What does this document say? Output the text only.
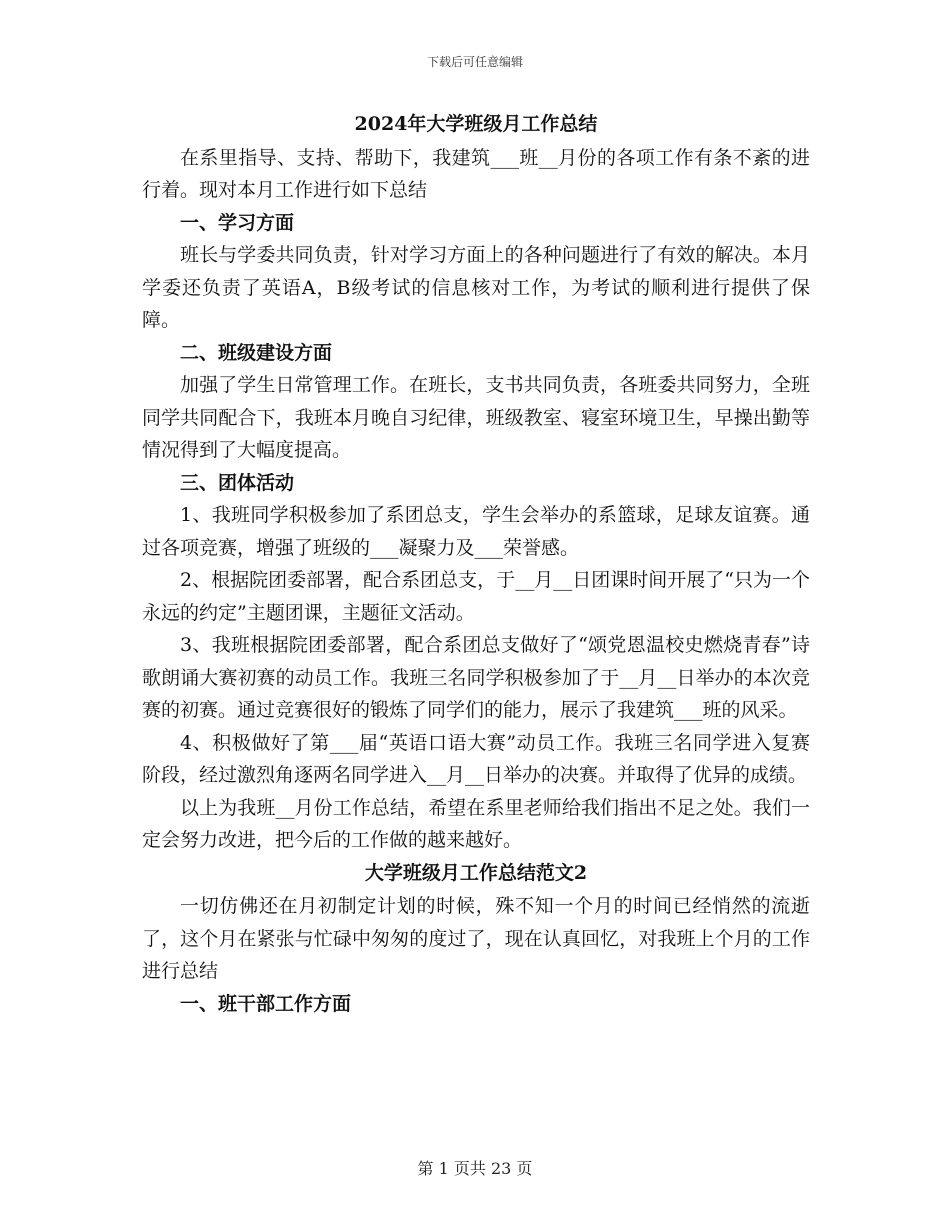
下载后可任意编辑
2024年大学班级月工作总结

在系里指导、支持、帮助下，我建筑___班__月份的各项工作有条不紊的进行着。现对本月工作进行如下总结

一、学习方面

班长与学委共同负责，针对学习方面上的各种问题进行了有效的解决。本月学委还负责了英语A，B级考试的信息核对工作，为考试的顺利进行提供了保障。

二、班级建设方面

加强了学生日常管理工作。在班长，支书共同负责，各班委共同努力，全班同学共同配合下，我班本月晚自习纪律，班级教室、寝室环境卫生，早操出勤等情况得到了大幅度提高。

三、团体活动

1、我班同学积极参加了系团总支，学生会举办的系篮球，足球友谊赛。通过各项竞赛，增强了班级的___凝聚力及___荣誉感。

2、根据院团委部署，配合系团总支，于__月__日团课时间开展了“只为一个永远的约定”主题团课，主题征文活动。

3、我班根据院团委部署，配合系团总支做好了“颂党恩温校史燃烧青春”诗歌朗诵大赛初赛的动员工作。我班三名同学积极参加了于__月__日举办的本次竞赛的初赛。通过竞赛很好的锻炼了同学们的能力，展示了我建筑___班的风采。

4、积极做好了第___届“英语口语大赛”动员工作。我班三名同学进入复赛阶段，经过激烈角逐两名同学进入__月__日举办的决赛。并取得了优异的成绩。

以上为我班__月份工作总结，希望在系里老师给我们指出不足之处。我们一定会努力改进，把今后的工作做的越来越好。

大学班级月工作总结范文2

一切仿佛还在月初制定计划的时候，殊不知一个月的时间已经悄然的流逝了，这个月在紧张与忙碌中匆匆的度过了，现在认真回忆，对我班上个月的工作进行总结

一、班干部工作方面
第 1 页共 23 页
